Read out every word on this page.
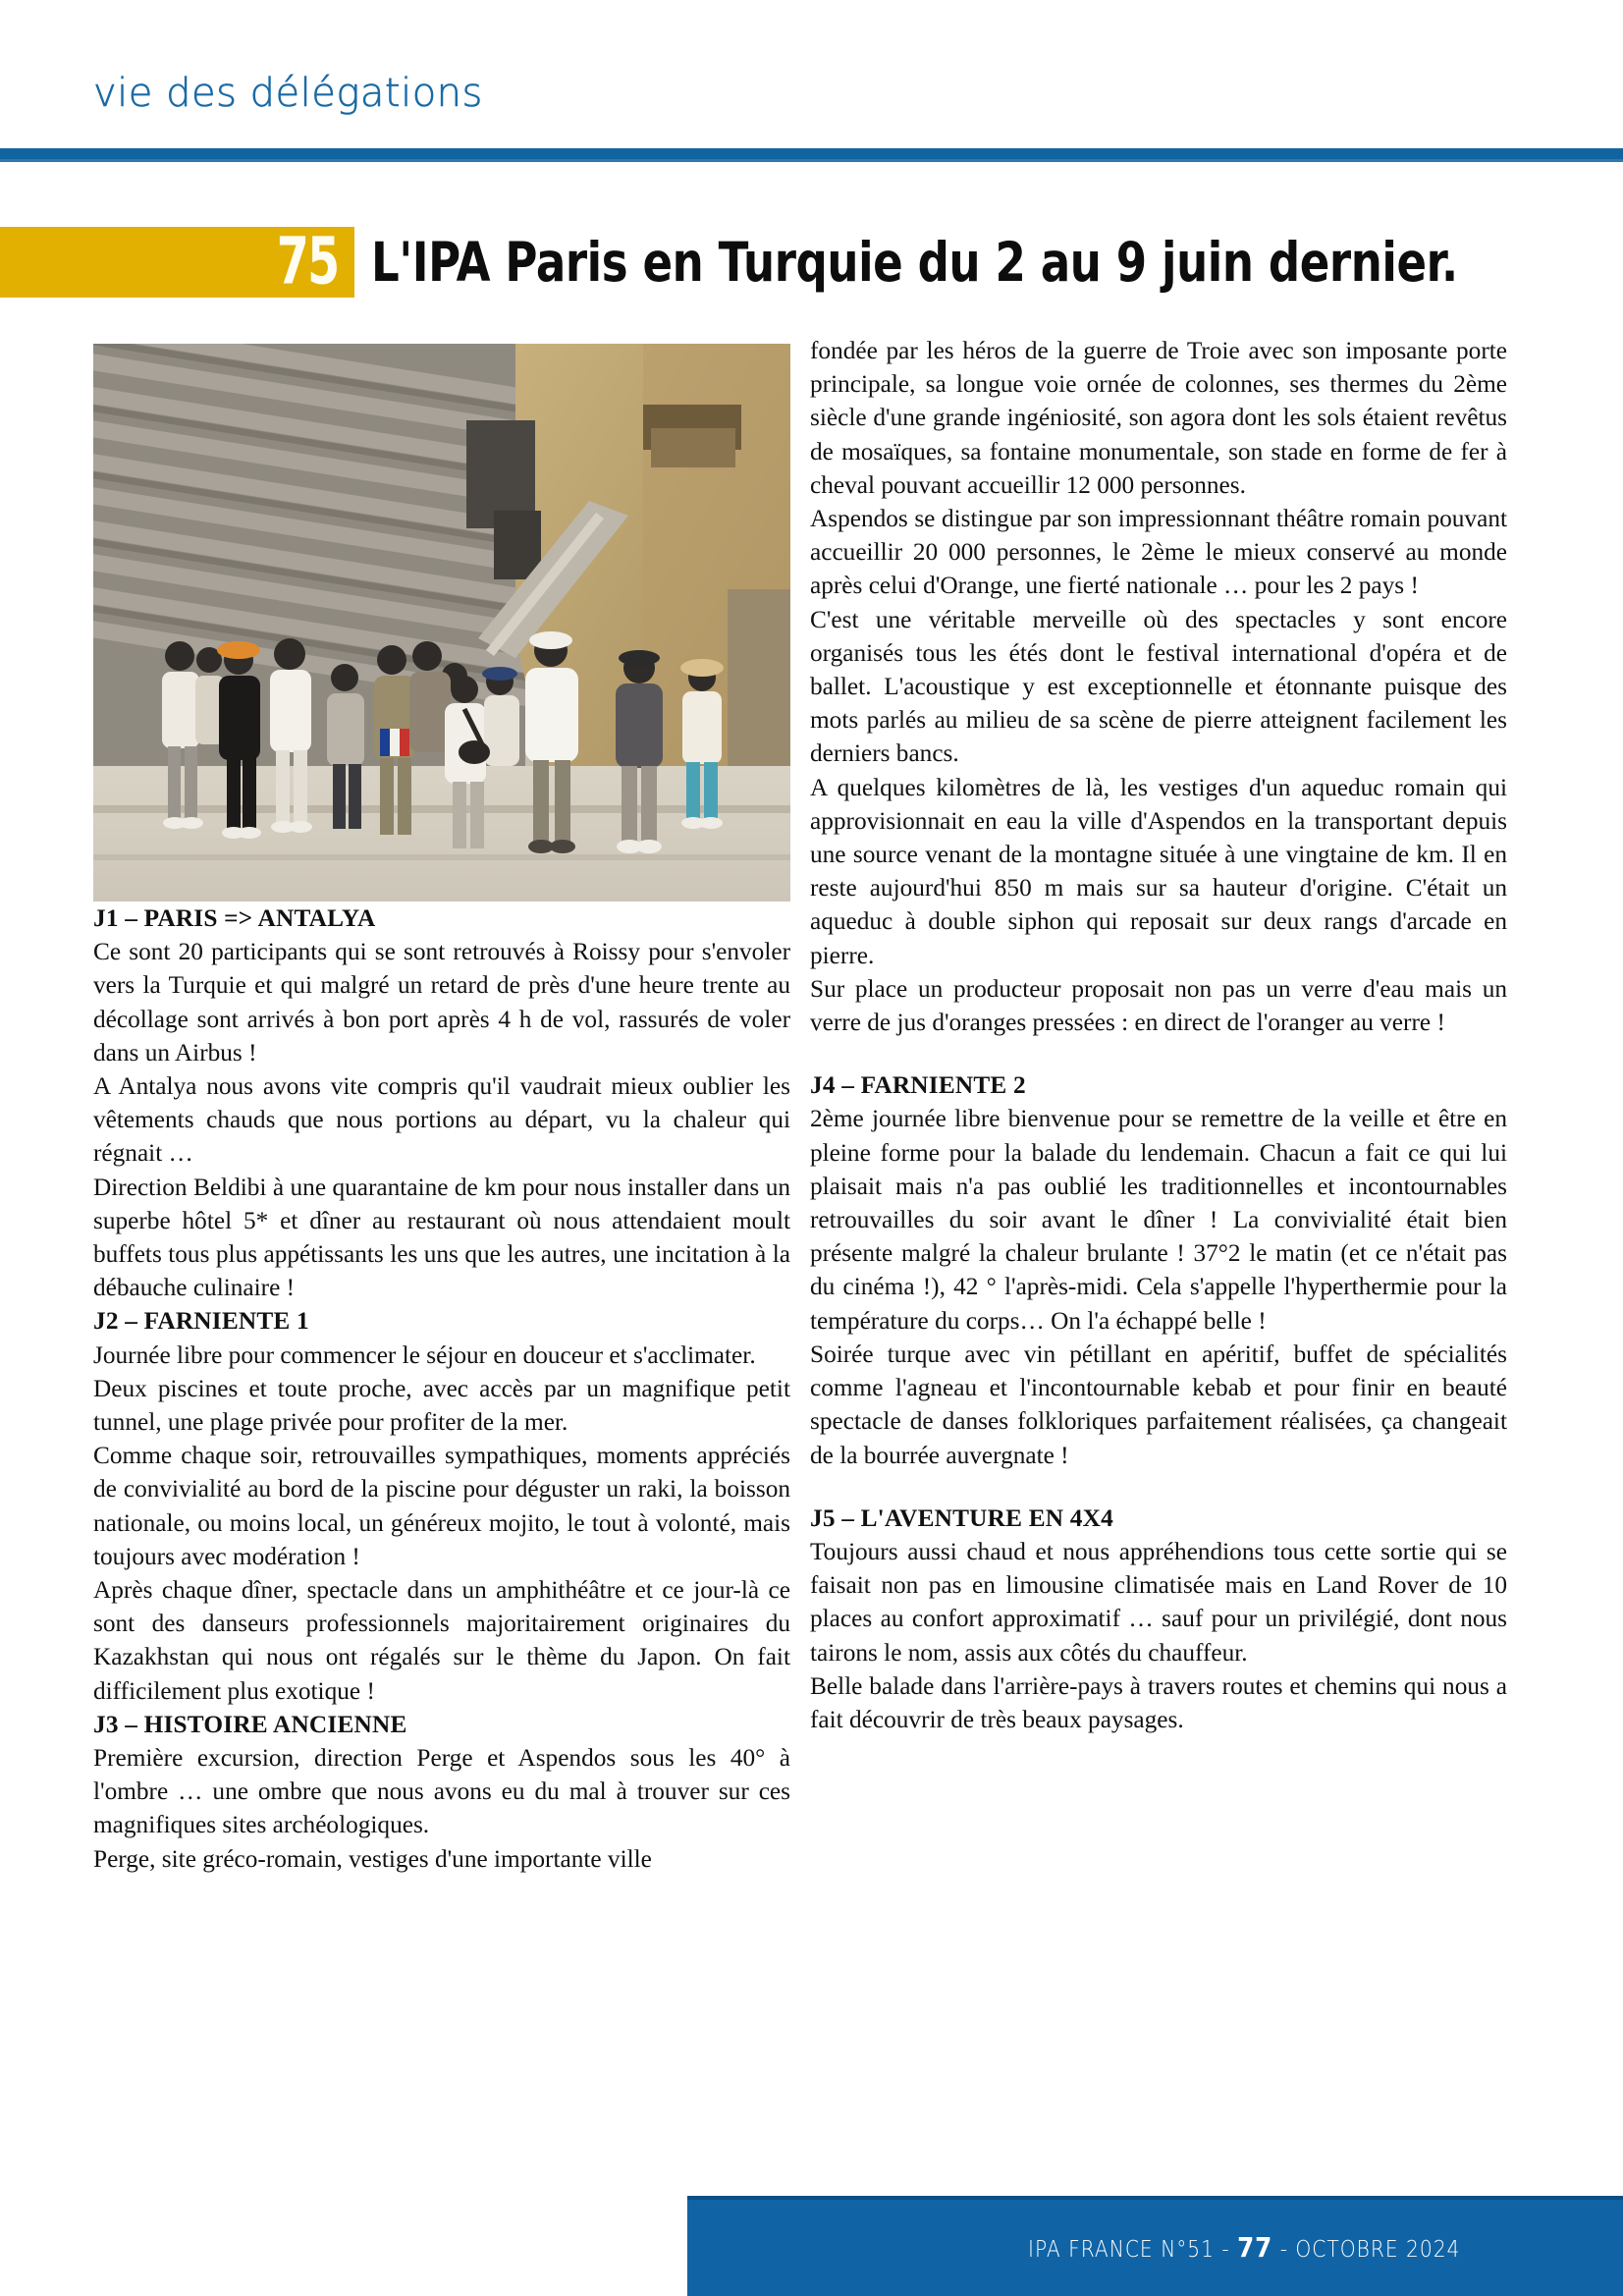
vie des délégations
75 L'IPA Paris en Turquie du 2 au 9 juin dernier.
J1 – PARIS => ANTALYA

Ce sont 20 participants qui se sont retrouvés à Roissy pour s'envoler vers la Turquie et qui malgré un retard de près d'une heure trente au décollage sont arrivés à bon port après 4 h de vol, rassurés de voler dans un Airbus !

A Antalya nous avons vite compris qu'il vaudrait mieux oublier les vêtements chauds que nous portions au départ, vu la chaleur qui régnait …

Direction Beldibi à une quarantaine de km pour nous installer dans un superbe hôtel 5* et dîner au restaurant où nous attendaient moult buffets tous plus appétissants les uns que les autres, une incitation à la débauche culinaire !

J2 – FARNIENTE 1

Journée libre pour commencer le séjour en douceur et s'acclimater.

Deux piscines et toute proche, avec accès par un magnifique petit tunnel, une plage privée pour profiter de la mer.

Comme chaque soir, retrouvailles sympathiques, moments appréciés de convivialité au bord de la piscine pour déguster un raki, la boisson nationale, ou moins local, un généreux mojito, le tout à volonté, mais toujours avec modération !

Après chaque dîner, spectacle dans un amphithéâtre et ce jour-là ce sont des danseurs professionnels majoritairement originaires du Kazakhstan qui nous ont régalés sur le thème du Japon. On fait difficilement plus exotique !

J3 – HISTOIRE ANCIENNE

Première excursion, direction Perge et Aspendos sous les 40° à l'ombre … une ombre que nous avons eu du mal à trouver sur ces magnifiques sites archéologiques.

Perge, site gréco-romain, vestiges d'une importante ville

fondée par les héros de la guerre de Troie avec son imposante porte principale, sa longue voie ornée de colonnes, ses thermes du 2ème siècle d'une grande ingéniosité, son agora dont les sols étaient revêtus de mosaïques, sa fontaine monumentale, son stade en forme de fer à cheval pouvant accueillir 12 000 personnes.

Aspendos se distingue par son impressionnant théâtre romain pouvant accueillir 20 000 personnes, le 2ème le mieux conservé au monde après celui d'Orange, une fierté nationale … pour les 2 pays !

C'est une véritable merveille où des spectacles y sont encore organisés tous les étés dont le festival international d'opéra et de ballet. L'acoustique y est exceptionnelle et étonnante puisque des mots parlés au milieu de sa scène de pierre atteignent facilement les derniers bancs.

A quelques kilomètres de là, les vestiges d'un aqueduc romain qui approvisionnait en eau la ville d'Aspendos en la transportant depuis une source venant de la montagne située à une vingtaine de km. Il en reste aujourd'hui 850 m mais sur sa hauteur d'origine. C'était un aqueduc à double siphon qui reposait sur deux rangs d'arcade en pierre.

Sur place un producteur proposait non pas un verre d'eau mais un verre de jus d'oranges pressées : en direct de l'oranger au verre !

J4 – FARNIENTE 2

2ème journée libre bienvenue pour se remettre de la veille et être en pleine forme pour la balade du lendemain. Chacun a fait ce qui lui plaisait mais n'a pas oublié les traditionnelles et incontournables retrouvailles du soir avant le dîner ! La convivialité était bien présente malgré la chaleur brulante ! 37°2 le matin (et ce n'était pas du cinéma !), 42 ° l'après-midi. Cela s'appelle l'hyperthermie pour la température du corps… On l'a échappé belle !

Soirée turque avec vin pétillant en apéritif, buffet de spécialités comme l'agneau et l'incontournable kebab et pour finir en beauté spectacle de danses folkloriques parfaitement réalisées, ça changeait de la bourrée auvergnate !

J5 – L'AVENTURE EN 4X4

Toujours aussi chaud et nous appréhendions tous cette sortie qui se faisait non pas en limousine climatisée mais en Land Rover de 10 places au confort approximatif … sauf pour un privilégié, dont nous tairons le nom, assis aux côtés du chauffeur.

Belle balade dans l'arrière-pays à travers routes et chemins qui nous a fait découvrir de très beaux paysages.

IPA FRANCE N°51 - 77 - OCTOBRE 2024
